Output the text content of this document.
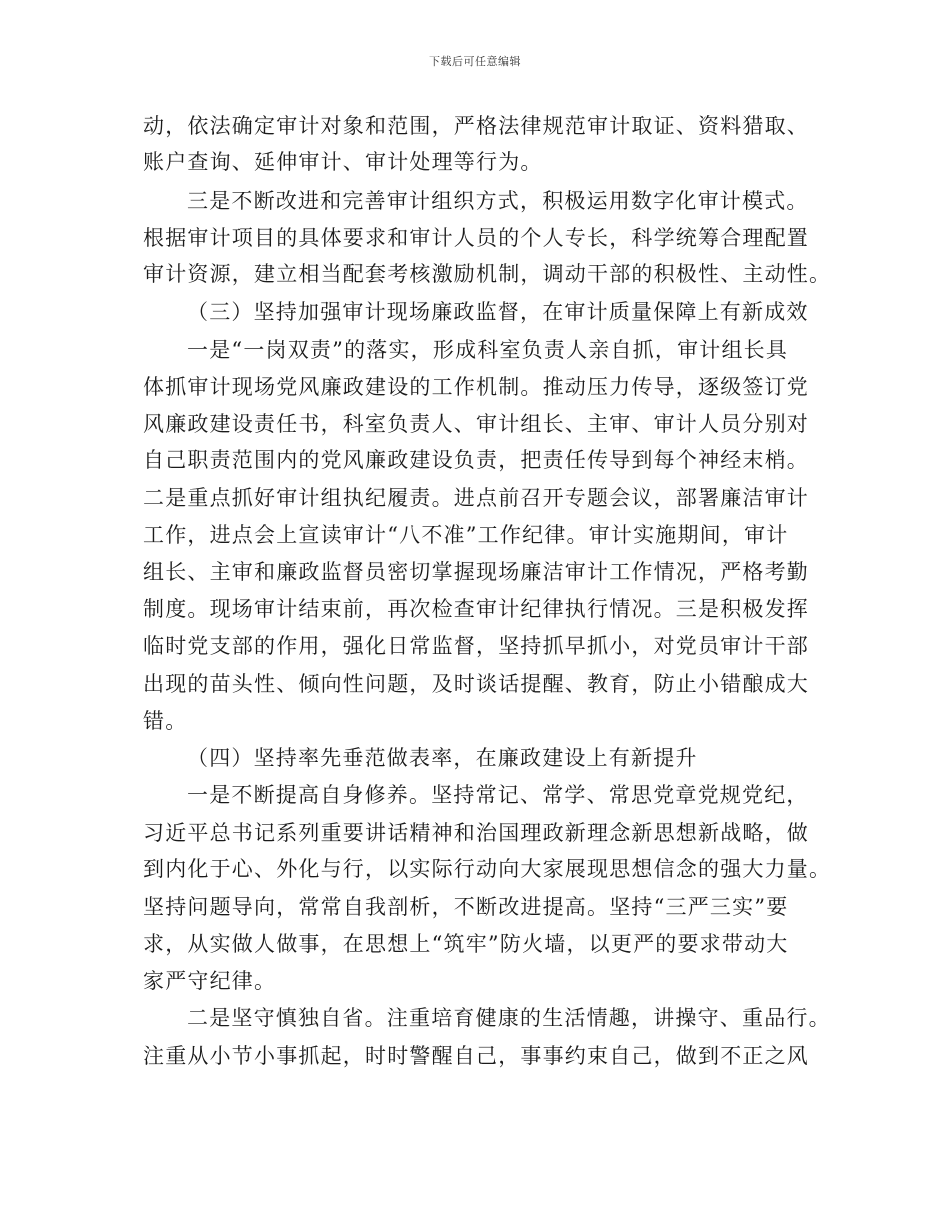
下载后可任意编辑
动，依法确定审计对象和范围，严格法律规范审计取证、资料猎取、
账户查询、延伸审计、审计处理等行为。
三是不断改进和完善审计组织方式，积极运用数字化审计模式。
根据审计项目的具体要求和审计人员的个人专长，科学统筹合理配置
审计资源，建立相当配套考核激励机制，调动干部的积极性、主动性。
（三）坚持加强审计现场廉政监督，在审计质量保障上有新成效
一是“一岗双责”的落实，形成科室负责人亲自抓，审计组长具
体抓审计现场党风廉政建设的工作机制。推动压力传导，逐级签订党
风廉政建设责任书，科室负责人、审计组长、主审、审计人员分别对
自己职责范围内的党风廉政建设负责，把责任传导到每个神经末梢。
二是重点抓好审计组执纪履责。进点前召开专题会议，部署廉洁审计
工作，进点会上宣读审计“八不准”工作纪律。审计实施期间，审计
组长、主审和廉政监督员密切掌握现场廉洁审计工作情况，严格考勤
制度。现场审计结束前，再次检查审计纪律执行情况。三是积极发挥
临时党支部的作用，强化日常监督，坚持抓早抓小，对党员审计干部
出现的苗头性、倾向性问题，及时谈话提醒、教育，防止小错酿成大
错。
（四）坚持率先垂范做表率，在廉政建设上有新提升
一是不断提高自身修养。坚持常记、常学、常思党章党规党纪，
习近平总书记系列重要讲话精神和治国理政新理念新思想新战略，做
到内化于心、外化与行，以实际行动向大家展现思想信念的强大力量。
坚持问题导向，常常自我剖析，不断改进提高。坚持“三严三实”要
求，从实做人做事，在思想上“筑牢”防火墙，以更严的要求带动大
家严守纪律。
二是坚守慎独自省。注重培育健康的生活情趣，讲操守、重品行。
注重从小节小事抓起，时时警醒自己，事事约束自己，做到不正之风
